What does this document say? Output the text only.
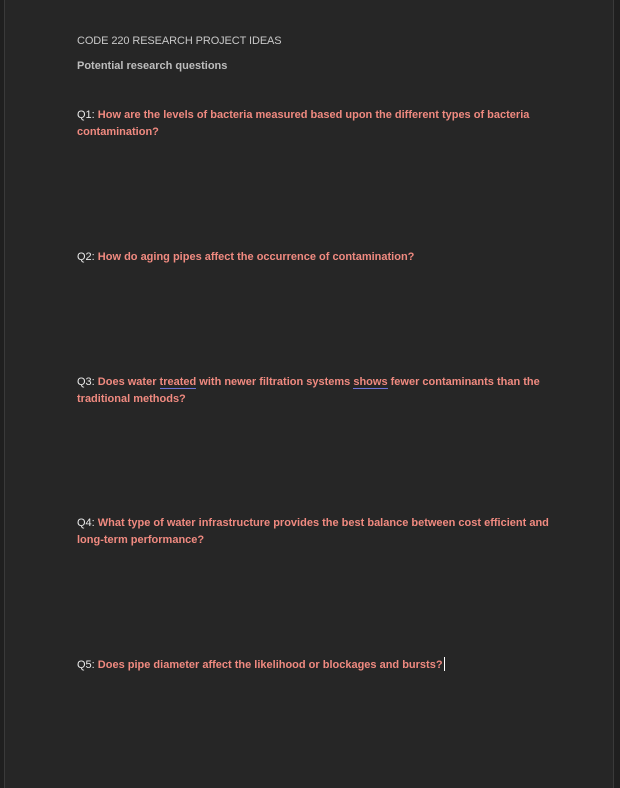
CODE 220 RESEARCH PROJECT IDEAS

Potential research questions

Q1: How are the levels of bacteria measured based upon the different types of bacteria contamination?

Q2: How do aging pipes affect the occurrence of contamination?

Q3: Does water treated with newer filtration systems shows fewer contaminants than the traditional methods?

Q4: What type of water infrastructure provides the best balance between cost efficient and long-term performance?

Q5: Does pipe diameter affect the likelihood or blockages and bursts?
